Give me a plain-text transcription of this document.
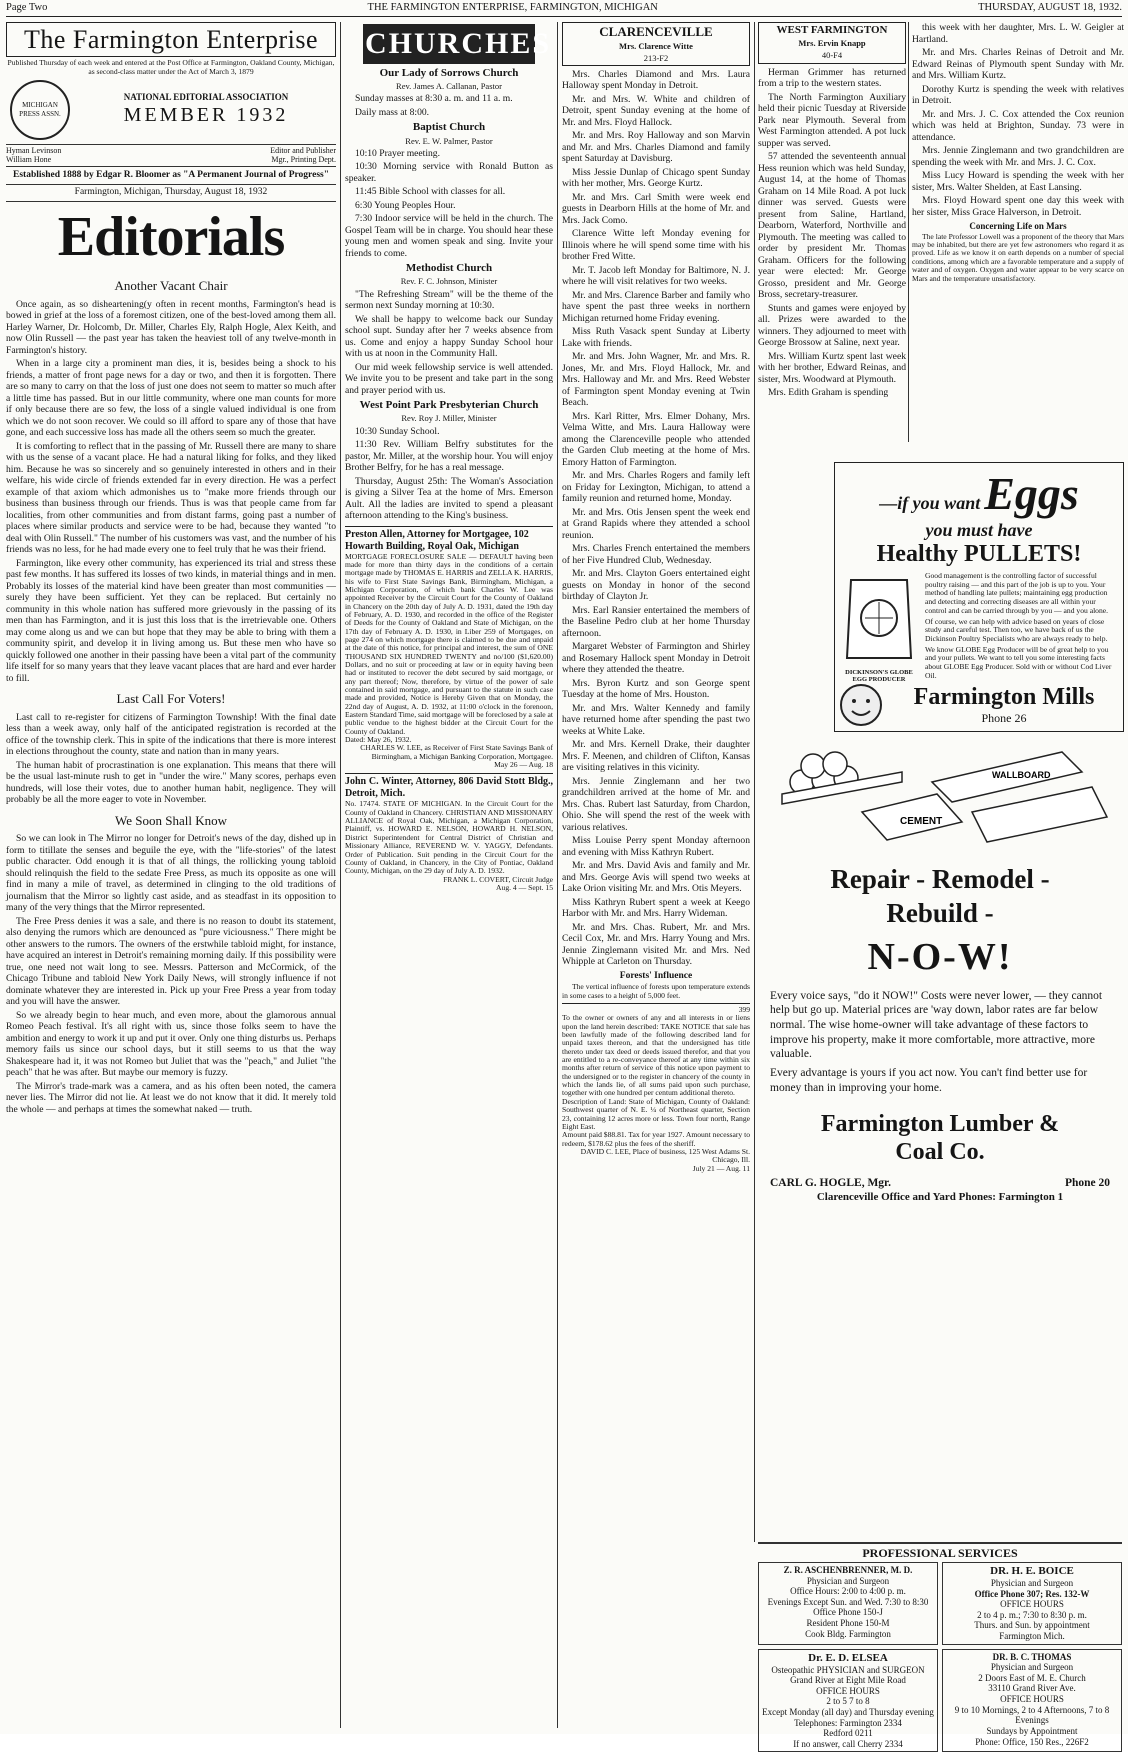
Page Two	THE FARMINGTON ENTERPRISE, FARMINGTON, MICHIGAN	THURSDAY, AUGUST 18, 1932.
The Farmington Enterprise
Published Thursday of each week and entered at the Post Office at Farmington, Oakland County, Michigan, as second-class matter under the Act of March 3, 1879
MICHIGAN PRESS ASSN.
NATIONAL EDITORIAL ASSOCIATION
MEMBER 1932
Hyman Levinson
William Hone
Editor and Publisher
Mgr., Printing Dept.
Established 1888 by Edgar R. Bloomer as "A Permanent Journal of Progress"
Farmington, Michigan, Thursday, August 18, 1932
Editorials
Another Vacant Chair

Once again, as so disheartening(y often in recent months, Farmington's head is bowed in grief at the loss of a foremost citizen, one of the best-loved among them all. Harley Warner, Dr. Holcomb, Dr. Miller, Charles Ely, Ralph Hogle, Alex Keith, and now Olin Russell — the past year has taken the heaviest toll of any twelve-month in Farmington's history.

When in a large city a prominent man dies, it is, besides being a shock to his friends, a matter of front page news for a day or two, and then it is forgotten. There are so many to carry on that the loss of just one does not seem to matter so much after a little time has passed. But in our little community, where one man counts for more if only because there are so few, the loss of a single valued individual is one from which we do not soon recover. We could so ill afford to spare any of those that have gone, and each successive loss has made all the others seem so much the greater.

It is comforting to reflect that in the passing of Mr. Russell there are many to share with us the sense of a vacant place. He had a natural liking for folks, and they liked him. Because he was so sincerely and so genuinely interested in others and in their welfare, his wide circle of friends extended far in every direction. He was a perfect example of that axiom which admonishes us to "make more friends through our business than business through our friends. Thus is was that people came from far localities, from other communities and from distant farms, going past a number of places where similar products and service were to be had, because they wanted "to deal with Olin Russell." The number of his customers was vast, and the number of his friends was no less, for he had made every one to feel truly that he was their friend.

Farmington, like every other community, has experienced its trial and stress these past few months. It has suffered its losses of two kinds, in material things and in men. Probably its losses of the material kind have been greater than most communities — surely they have been sufficient. Yet they can be replaced. But certainly no community in this whole nation has suffered more grievously in the passing of its men than has Farmington, and it is just this loss that is the irretrievable one. Others may come along us and we can but hope that they may be able to bring with them a community spirit, and develop it in living among us. But these men who have so quickly followed one another in their passing have been a vital part of the community life itself for so many years that they leave vacant places that are hard and ever harder to fill.

Last Call For Voters!

Last call to re-register for citizens of Farmington Township! With the final date less than a week away, only half of the anticipated registration is recorded at the office of the township clerk. This in spite of the indications that there is more interest in elections throughout the county, state and nation than in many years.

The human habit of procrastination is one explanation. This means that there will be the usual last-minute rush to get in "under the wire." Many scores, perhaps even hundreds, will lose their votes, due to another human habit, negligence. They will probably be all the more eager to vote in November.

We Soon Shall Know

So we can look in The Mirror no longer for Detroit's news of the day, dished up in form to titillate the senses and beguile the eye, with the "life-stories" of the latest public character. Odd enough it is that of all things, the rollicking young tabloid should relinquish the field to the sedate Free Press, as much its opposite as one will find in many a mile of travel, as determined in clinging to the old traditions of journalism that the Mirror so lightly cast aside, and as steadfast in its opposition to many of the very things that the Mirror represented.

The Free Press denies it was a sale, and there is no reason to doubt its statement, also denying the rumors which are denounced as "pure viciousness." There might be other answers to the rumors. The owners of the erstwhile tabloid might, for instance, have acquired an interest in Detroit's remaining morning daily. If this possibility were true, one need not wait long to see. Messrs. Patterson and McCormick, of the Chicago Tribune and tabloid New York Daily News, will strongly influence if not dominate whatever they are interested in. Pick up your Free Press a year from today and you will have the answer.

So we already begin to hear much, and even more, about the glamorous annual Romeo Peach festival. It's all right with us, since those folks seem to have the ambition and energy to work it up and put it over. Only one thing disturbs us. Perhaps memory fails us since our school days, but it still seems to us that the way Shakespeare had it, it was not Romeo but Juliet that was the "peach," and Juliet "the peach" that he was after. But maybe our memory is fuzzy.

The Mirror's trade-mark was a camera, and as his often been noted, the camera never lies. The Mirror did not lie. At least we do not know that it did. It merely told the whole — and perhaps at times the somewhat naked — truth.

CHURCHES
Our Lady of Sorrows Church
Rev. James A. Callanan, Pastor

Sunday masses at 8:30 a. m. and 11 a. m.

Daily mass at 8:00.

Baptist Church
Rev. E. W. Palmer, Pastor

10:10 Prayer meeting.

10:30 Morning service with Ronald Button as speaker.

11:45 Bible School with classes for all.

6:30 Young Peoples Hour.

7:30 Indoor service will be held in the church. The Gospel Team will be in charge. You should hear these young men and women speak and sing. Invite your friends to come.

Methodist Church
Rev. F. C. Johnson, Minister

"The Refreshing Stream" will be the theme of the sermon next Sunday morning at 10:30.

We shall be happy to welcome back our Sunday school supt. Sunday after her 7 weeks absence from us. Come and enjoy a happy Sunday School hour with us at noon in the Community Hall.

Our mid week fellowship service is well attended. We invite you to be present and take part in the song and prayer period with us.

West Point Park Presbyterian Church
Rev. Roy J. Miller, Minister

10:30 Sunday School.

11:30 Rev. William Belfry substitutes for the pastor, Mr. Miller, at the worship hour. You will enjoy Brother Belfry, for he has a real message.

Thursday, August 25th: The Woman's Association is giving a Silver Tea at the home of Mrs. Emerson Ault. All the ladies are invited to spend a pleasant afternoon attending to the King's business.

Preston Allen, Attorney for Mortgagee, 102 Howarth Building, Royal Oak, Michigan
MORTGAGE FORECLOSURE SALE — DEFAULT having been made for more than thirty days in the conditions of a certain mortgage made by THOMAS E. HARRIS and ZELLA K. HARRIS, his wife to First State Savings Bank, Birmingham, Michigan, a Michigan Corporation, of which bank Charles W. Lee was appointed Receiver by the Circuit Court for the County of Oakland in Chancery on the 20th day of July A. D. 1931, dated the 19th day of February, A. D. 1930, and recorded in the office of the Register of Deeds for the County of Oakland and State of Michigan, on the 17th day of February A. D. 1930, in Liber 259 of Mortgages, on page 274 on which mortgage there is claimed to be due and unpaid at the date of this notice, for principal and interest, the sum of ONE THOUSAND SIX HUNDRED TWENTY and no/100 ($1,620.00) Dollars, and no suit or proceeding at law or in equity having been had or instituted to recover the debt secured by said mortgage, or any part thereof; Now, therefore, by virtue of the power of sale contained in said mortgage, and pursuant to the statute in such case made and provided, Notice is Hereby Given that on Monday, the 22nd day of August, A. D. 1932, at 11:00 o'clock in the forenoon, Eastern Standard Time, said mortgage will be foreclosed by a sale at public vendue to the highest bidder at the Circuit Court for the County of Oakland.
Dated: May 26, 1932.
CHARLES W. LEE, as Receiver of First State Savings Bank of Birmingham, a Michigan Banking Corporation, Mortgagee.
May 26 — Aug. 18
John C. Winter, Attorney, 806 David Stott Bldg., Detroit, Mich.
No. 17474. STATE OF MICHIGAN. In the Circuit Court for the County of Oakland in Chancery. CHRISTIAN AND MISSIONARY ALLIANCE of Royal Oak, Michigan, a Michigan Corporation, Plaintiff, vs. HOWARD E. NELSON, HOWARD H. NELSON, District Superintendent for Central District of Christian and Missionary Alliance, REVEREND W. V. YAGGY, Defendants. Order of Publication. Suit pending in the Circuit Court for the County of Oakland, in Chancery, in the City of Pontiac, Oakland County, Michigan, on the 29 day of July A. D. 1932.
FRANK L. COVERT, Circuit Judge
Aug. 4 — Sept. 15
CLARENCEVILLE
Mrs. Clarence Witte
213-F2

Mrs. Charles Diamond and Mrs. Laura Halloway spent Monday in Detroit.

Mr. and Mrs. W. White and children of Detroit, spent Sunday evening at the home of Mr. and Mrs. Floyd Hallock.

Mr. and Mrs. Roy Halloway and son Marvin and Mr. and Mrs. Charles Diamond and family spent Saturday at Davisburg.

Miss Jessie Dunlap of Chicago spent Sunday with her mother, Mrs. George Kurtz.

Mr. and Mrs. Carl Smith were week end guests in Dearborn Hills at the home of Mr. and Mrs. Jack Como.

Clarence Witte left Monday evening for Illinois where he will spend some time with his brother Fred Witte.

Mr. T. Jacob left Monday for Baltimore, N. J. where he will visit relatives for two weeks.

Mr. and Mrs. Clarence Barber and family who have spent the past three weeks in northern Michigan returned home Friday evening.

Miss Ruth Vasack spent Sunday at Liberty Lake with friends.

Mr. and Mrs. John Wagner, Mr. and Mrs. R. Jones, Mr. and Mrs. Floyd Hallock, Mr. and Mrs. Halloway and Mr. and Mrs. Reed Webster of Farmington spent Monday evening at Twin Beach.

Mrs. Karl Ritter, Mrs. Elmer Dohany, Mrs. Velma Witte, and Mrs. Laura Halloway were among the Clarenceville people who attended the Garden Club meeting at the home of Mrs. Emory Hatton of Farmington.

Mr. and Mrs. Charles Rogers and family left on Friday for Lexington, Michigan, to attend a family reunion and returned home, Monday.

Mr. and Mrs. Otis Jensen spent the week end at Grand Rapids where they attended a school reunion.

Mrs. Charles French entertained the members of her Five Hundred Club, Wednesday.

Mr. and Mrs. Clayton Goers entertained eight guests on Monday in honor of the second birthday of Clayton Jr.

Mrs. Earl Ransier entertained the members of the Baseline Pedro club at her home Thursday afternoon.

Margaret Webster of Farmington and Shirley and Rosemary Hallock spent Monday in Detroit where they attended the theatre.

Mrs. Byron Kurtz and son George spent Tuesday at the home of Mrs. Houston.

Mr. and Mrs. Walter Kennedy and family have returned home after spending the past two weeks at White Lake.

Mr. and Mrs. Kernell Drake, their daughter Mrs. F. Meenen, and children of Clifton, Kansas are visiting relatives in this vicinity.

Mrs. Jennie Zinglemann and her two grandchildren arrived at the home of Mr. and Mrs. Chas. Rubert last Saturday, from Chardon, Ohio. She will spend the rest of the week with various relatives.

Miss Louise Perry spent Monday afternoon and evening with Miss Kathryn Rubert.

Mr. and Mrs. David Avis and family and Mr. and Mrs. George Avis will spend two weeks at Lake Orion visiting Mr. and Mrs. Otis Meyers.

Miss Kathryn Rubert spent a week at Keego Harbor with Mr. and Mrs. Harry Wideman.

Mr. and Mrs. Chas. Rubert, Mr. and Mrs. Cecil Cox, Mr. and Mrs. Harry Young and Mrs. Jennie Zinglemann visited Mr. and Mrs. Ned Whipple at Carleton on Thursday.

Forests' Influence

The vertical influence of forests upon temperature extends in some cases to a height of 5,000 feet.

399
To the owner or owners of any and all interests in or liens upon the land herein described: TAKE NOTICE that sale has been lawfully made of the following described land for unpaid taxes thereon, and that the undersigned has title thereto under tax deed or deeds issued therefor, and that you are entitled to a re-conveyance thereof at any time within six months after return of service of this notice upon payment to the undersigned or to the register in chancery of the county in which the lands lie, of all sums paid upon such purchase, together with one hundred per centum additional thereto.
Description of Land: State of Michigan, County of Oakland: Southwest quarter of N. E. ¼ of Northeast quarter, Section 23, containing 12 acres more or less. Town four north, Range Eight East.
Amount paid $88.81. Tax for year 1927. Amount necessary to redeem, $178.62 plus the fees of the sheriff.
DAVID C. LEE, Place of business, 125 West Adams St. Chicago, Ill.
July 21 — Aug. 11
WEST FARMINGTON
Mrs. Ervin Knapp
40-F4

Herman Grimmer has returned from a trip to the western states.

The North Farmington Auxiliary held their picnic Tuesday at Riverside Park near Plymouth. Several from West Farmington attended. A pot luck supper was served.

57 attended the seventeenth annual Hess reunion which was held Sunday, August 14, at the home of Thomas Graham on 14 Mile Road. A pot luck dinner was served. Guests were present from Saline, Hartland, Dearborn, Waterford, Northville and Plymouth. The meeting was called to order by president Mr. Thomas Graham. Officers for the following year were elected: Mr. George Grosso, president and Mr. George Bross, secretary-treasurer.

Stunts and games were enjoyed by all. Prizes were awarded to the winners. They adjourned to meet with George Brossow at Saline, next year.

Mrs. William Kurtz spent last week with her brother, Edward Reinas, and sister, Mrs. Woodward at Plymouth.

Mrs. Edith Graham is spending

this week with her daughter, Mrs. L. W. Geigler at Hartland.

Mr. and Mrs. Charles Reinas of Detroit and Mr. Edward Reinas of Plymouth spent Sunday with Mr. and Mrs. William Kurtz.

Dorothy Kurtz is spending the week with relatives in Detroit.

Mr. and Mrs. J. C. Cox attended the Cox reunion which was held at Brighton, Sunday. 73 were in attendance.

Mrs. Jennie Zinglemann and two grandchildren are spending the week with Mr. and Mrs. J. C. Cox.

Miss Lucy Howard is spending the week with her sister, Mrs. Walter Shelden, at East Lansing.

Mrs. Floyd Howard spent one day this week with her sister, Miss Grace Halverson, in Detroit.

Concerning Life on Mars

The late Professor Lowell was a proponent of the theory that Mars may be inhabited, but there are yet few astronomers who regard it as proved. Life as we know it on earth depends on a number of special conditions, among which are a favorable temperature and a supply of water and of oxygen. Oxygen and water appear to be very scarce on Mars and the temperature unsatisfactory.

—if you want Eggs
you must have
Healthy PULLETS!
DICKINSON'S GLOBE EGG PRODUCER
Good management is the controlling factor of successful poultry raising — and this part of the job is up to you. Your method of handling late pullets; maintaining egg production and detecting and correcting diseases are all within your control and can be carried through by you — and you alone.
Of course, we can help with advice based on years of close study and careful test. Then too, we have back of us the Dickinson Poultry Specialists who are always ready to help.
We know GLOBE Egg Producer will be of great help to you and your pullets. We want to tell you some interesting facts about GLOBE Egg Producer. Sold with or without Cod Liver Oil.
Farmington Mills
Phone 26
CEMENT
WALLBOARD
Repair - Remodel - Rebuild -
N-O-W!
Every voice says, "do it NOW!" Costs were never lower, — they cannot help but go up. Material prices are 'way down, labor rates are far below normal. The wise home-owner will take advantage of these factors to improve his property, make it more comfortable, more attractive, more valuable.
Every advantage is yours if you act now. You can't find better use for money than in improving your home.
Farmington Lumber & Coal Co.
CARL G. HOGLE, Mgr.	Phone 20
Clarenceville Office and Yard Phones: Farmington 1
PROFESSIONAL SERVICES
Z. R. ASCHENBRENNER, M. D.
Physician and Surgeon
Office Hours: 2:00 to 4:00 p. m.
Evenings Except Sun. and Wed. 7:30 to 8:30
Office Phone 150-J
Resident Phone 150-M
Cook Bldg. Farmington
DR. H. E. BOICE
Physician and Surgeon
Office Phone 307; Res. 132-W
OFFICE HOURS
2 to 4 p. m.; 7:30 to 8:30 p. m.
Thurs. and Sun. by appointment
Farmington Mich.
Dr. E. D. ELSEA
Osteopathic PHYSICIAN and SURGEON
Grand River at Eight Mile Road
OFFICE HOURS
2 to 5 7 to 8
Except Monday (all day) and Thursday evening
Telephones: Farmington 2334
Redford 0211
If no answer, call Cherry 2334
DR. B. C. THOMAS
Physician and Surgeon
2 Doors East of M. E. Church
33110 Grand River Ave.
OFFICE HOURS
9 to 10 Mornings, 2 to 4 Afternoons, 7 to 8 Evenings
Sundays by Appointment
Phone: Office, 150 Res., 226F2
